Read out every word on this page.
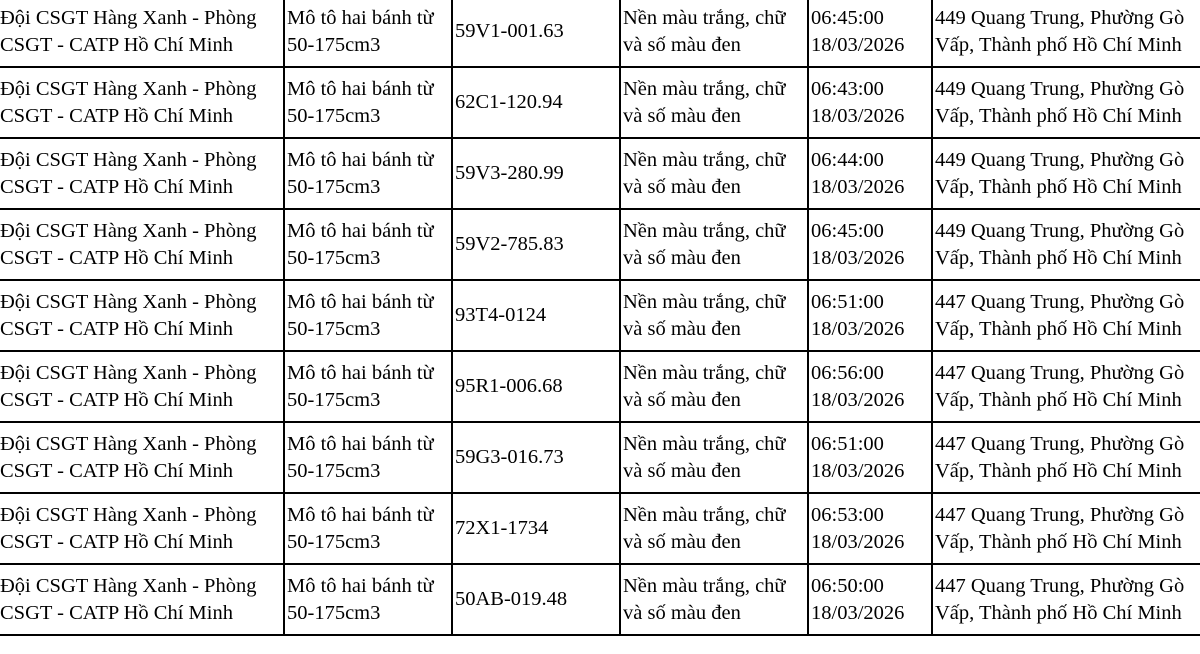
Đội CSGT Hàng Xanh - Phòng
CSGT - CATP Hồ Chí Minh	Mô tô hai bánh từ
50-175cm3	59V1-001.63	Nền màu trắng, chữ
và số màu đen	06:45:00
18/03/2026	449 Quang Trung, Phường Gò
Vấp, Thành phố Hồ Chí Minh

Đội CSGT Hàng Xanh - Phòng
CSGT - CATP Hồ Chí Minh	Mô tô hai bánh từ
50-175cm3	62C1-120.94	Nền màu trắng, chữ
và số màu đen	06:43:00
18/03/2026	449 Quang Trung, Phường Gò
Vấp, Thành phố Hồ Chí Minh

Đội CSGT Hàng Xanh - Phòng
CSGT - CATP Hồ Chí Minh	Mô tô hai bánh từ
50-175cm3	59V3-280.99	Nền màu trắng, chữ
và số màu đen	06:44:00
18/03/2026	449 Quang Trung, Phường Gò
Vấp, Thành phố Hồ Chí Minh

Đội CSGT Hàng Xanh - Phòng
CSGT - CATP Hồ Chí Minh	Mô tô hai bánh từ
50-175cm3	59V2-785.83	Nền màu trắng, chữ
và số màu đen	06:45:00
18/03/2026	449 Quang Trung, Phường Gò
Vấp, Thành phố Hồ Chí Minh

Đội CSGT Hàng Xanh - Phòng
CSGT - CATP Hồ Chí Minh	Mô tô hai bánh từ
50-175cm3	93T4-0124	Nền màu trắng, chữ
và số màu đen	06:51:00
18/03/2026	447 Quang Trung, Phường Gò
Vấp, Thành phố Hồ Chí Minh

Đội CSGT Hàng Xanh - Phòng
CSGT - CATP Hồ Chí Minh	Mô tô hai bánh từ
50-175cm3	95R1-006.68	Nền màu trắng, chữ
và số màu đen	06:56:00
18/03/2026	447 Quang Trung, Phường Gò
Vấp, Thành phố Hồ Chí Minh

Đội CSGT Hàng Xanh - Phòng
CSGT - CATP Hồ Chí Minh	Mô tô hai bánh từ
50-175cm3	59G3-016.73	Nền màu trắng, chữ
và số màu đen	06:51:00
18/03/2026	447 Quang Trung, Phường Gò
Vấp, Thành phố Hồ Chí Minh

Đội CSGT Hàng Xanh - Phòng
CSGT - CATP Hồ Chí Minh	Mô tô hai bánh từ
50-175cm3	72X1-1734	Nền màu trắng, chữ
và số màu đen	06:53:00
18/03/2026	447 Quang Trung, Phường Gò
Vấp, Thành phố Hồ Chí Minh

Đội CSGT Hàng Xanh - Phòng
CSGT - CATP Hồ Chí Minh	Mô tô hai bánh từ
50-175cm3	50AB-019.48	Nền màu trắng, chữ
và số màu đen	06:50:00
18/03/2026	447 Quang Trung, Phường Gò
Vấp, Thành phố Hồ Chí Minh
